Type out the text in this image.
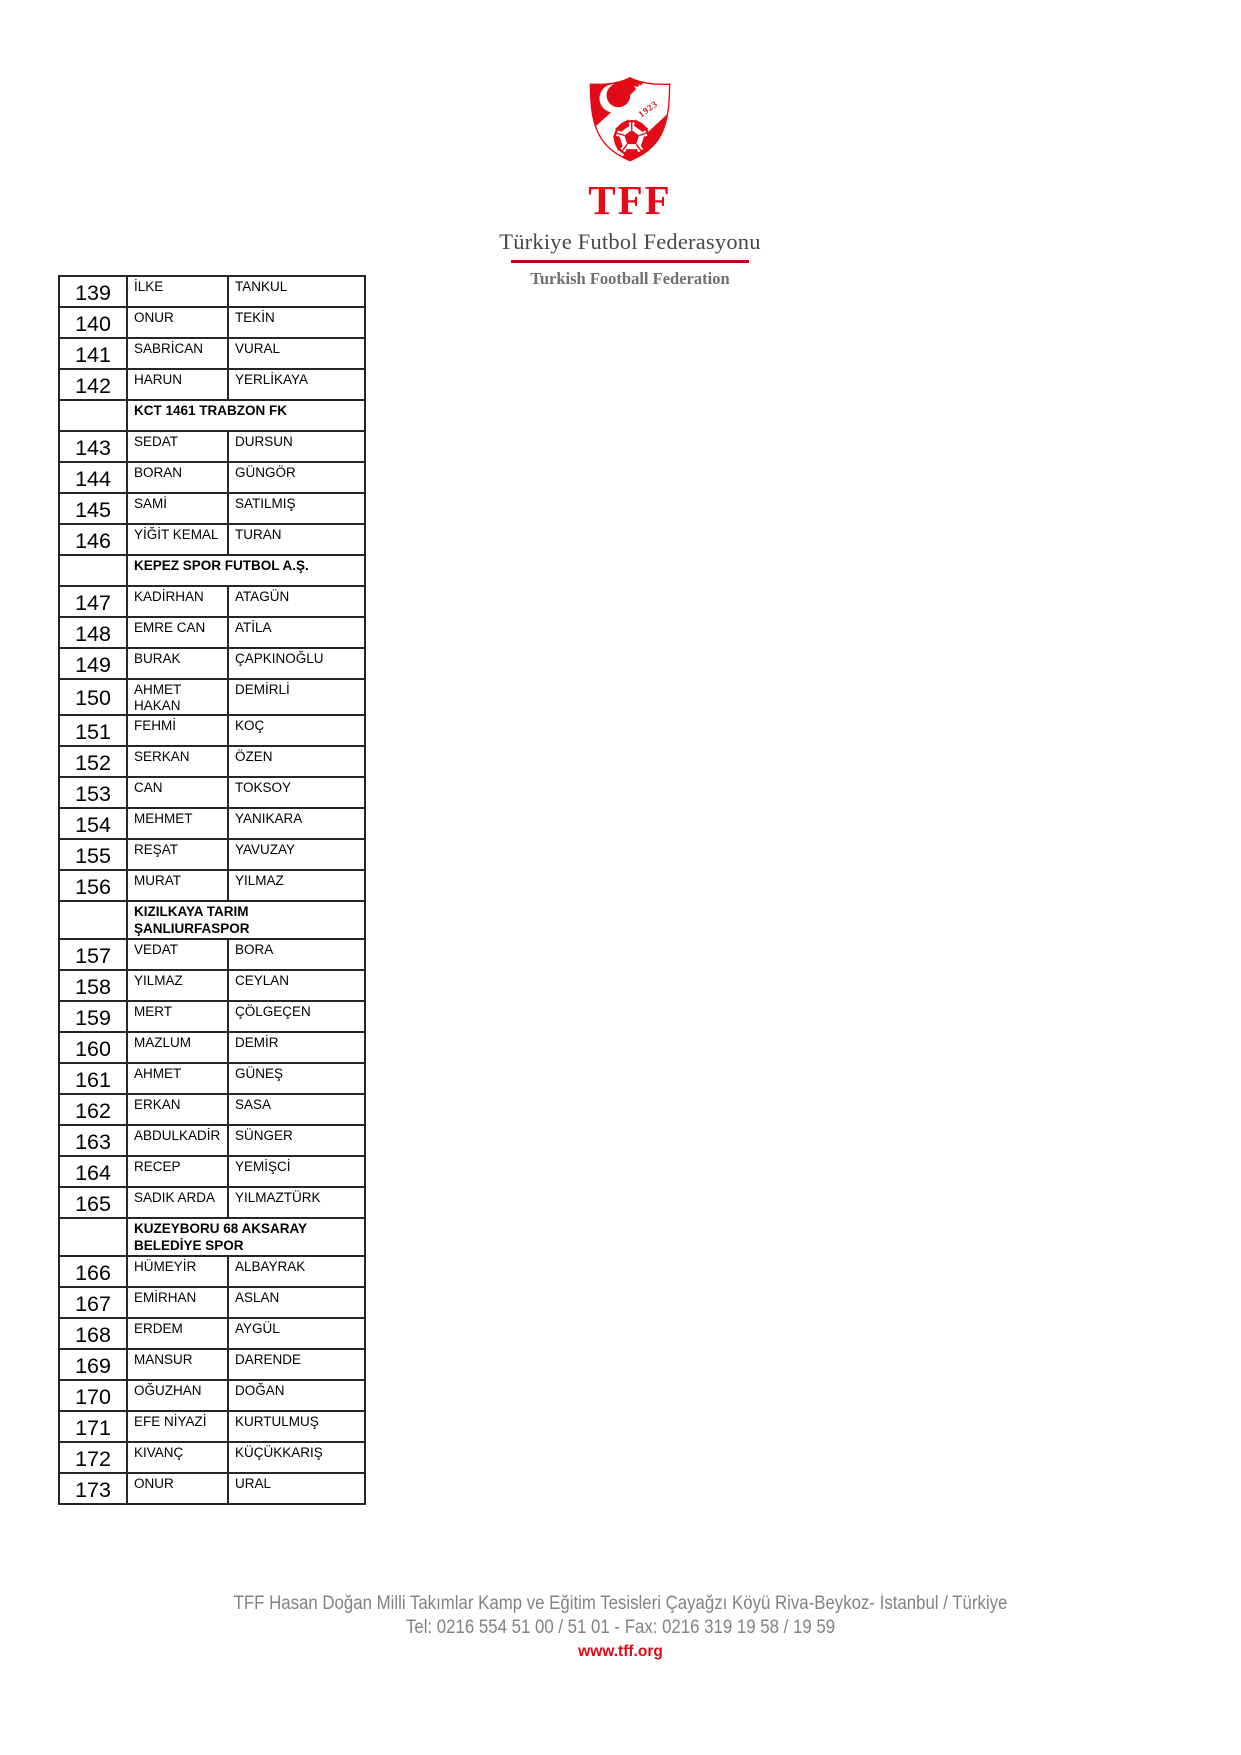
1923
TFF
Türkiye Futbol Federasyonu
Turkish Football Federation
139	İLKE	TANKUL
140	ONUR	TEKİN
141	SABRİCAN	VURAL
142	HARUN	YERLİKAYA
	KCT 1461 TRABZON FK	
143	SEDAT	DURSUN
144	BORAN	GÜNGÖR
145	SAMİ	SATILMIŞ
146	YİĞİT KEMAL	TURAN
	KEPEZ SPOR FUTBOL A.Ş.	
147	KADİRHAN	ATAGÜN
148	EMRE CAN	ATİLA
149	BURAK	ÇAPKINOĞLU
150	AHMET HAKAN	DEMİRLİ
151	FEHMİ	KOÇ
152	SERKAN	ÖZEN
153	CAN	TOKSOY
154	MEHMET	YANIKARA
155	REŞAT	YAVUZAY
156	MURAT	YILMAZ
	KIZILKAYA TARIM ŞANLIURFASPOR	
157	VEDAT	BORA
158	YILMAZ	CEYLAN
159	MERT	ÇÖLGEÇEN
160	MAZLUM	DEMİR
161	AHMET	GÜNEŞ
162	ERKAN	SASA
163	ABDULKADİR	SÜNGER
164	RECEP	YEMİŞCİ
165	SADIK ARDA	YILMAZTÜRK
	KUZEYBORU 68 AKSARAY BELEDİYE SPOR	
166	HÜMEYİR	ALBAYRAK
167	EMİRHAN	ASLAN
168	ERDEM	AYGÜL
169	MANSUR	DARENDE
170	OĞUZHAN	DOĞAN
171	EFE NİYAZİ	KURTULMUŞ
172	KIVANÇ	KÜÇÜKKARIŞ
173	ONUR	URAL
TFF Hasan Doğan Milli Takımlar Kamp ve Eğitim Tesisleri Çayağzı Köyü Riva-Beykoz- İstanbul / Türkiye
Tel: 0216 554 51 00 / 51 01 - Fax: 0216 319 19 58 / 19 59
www.tff.org
